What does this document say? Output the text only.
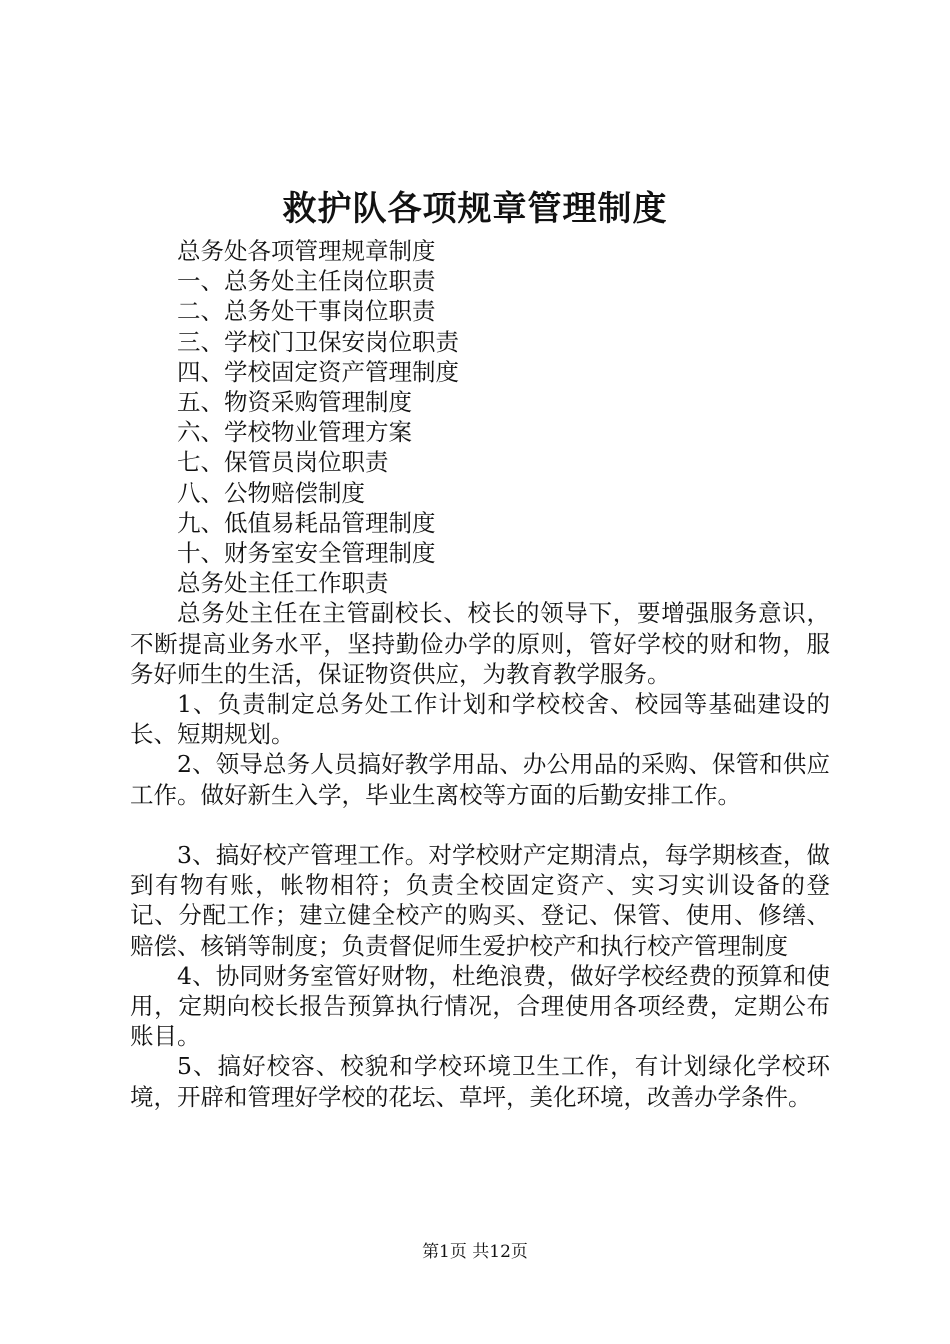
救护队各项规章管理制度
总务处各项管理规章制度
一、总务处主任岗位职责
二、总务处干事岗位职责
三、学校门卫保安岗位职责
四、学校固定资产管理制度
五、物资采购管理制度
六、学校物业管理方案
七、保管员岗位职责
八、公物赔偿制度
九、低值易耗品管理制度
十、财务室安全管理制度
总务处主任工作职责
总务处主任在主管副校长、校长的领导下，要增强服务意识，不断提高业务水平，坚持勤俭办学的原则，管好学校的财和物，服务好师生的生活，保证物资供应，为教育教学服务。
1、负责制定总务处工作计划和学校校舍、校园等基础建设的长、短期规划。
2、领导总务人员搞好教学用品、办公用品的采购、保管和供应工作。做好新生入学，毕业生离校等方面的后勤安排工作。
3、搞好校产管理工作。对学校财产定期清点，每学期核查，做到有物有账，帐物相符；负责全校固定资产、实习实训设备的登记、分配工作；建立健全校产的购买、登记、保管、使用、修缮、赔偿、核销等制度；负责督促师生爱护校产和执行校产管理制度
4、协同财务室管好财物，杜绝浪费，做好学校经费的预算和使用，定期向校长报告预算执行情况，合理使用各项经费，定期公布账目。
5、搞好校容、校貌和学校环境卫生工作，有计划绿化学校环境，开辟和管理好学校的花坛、草坪，美化环境，改善办学条件。
第1页 共12页
